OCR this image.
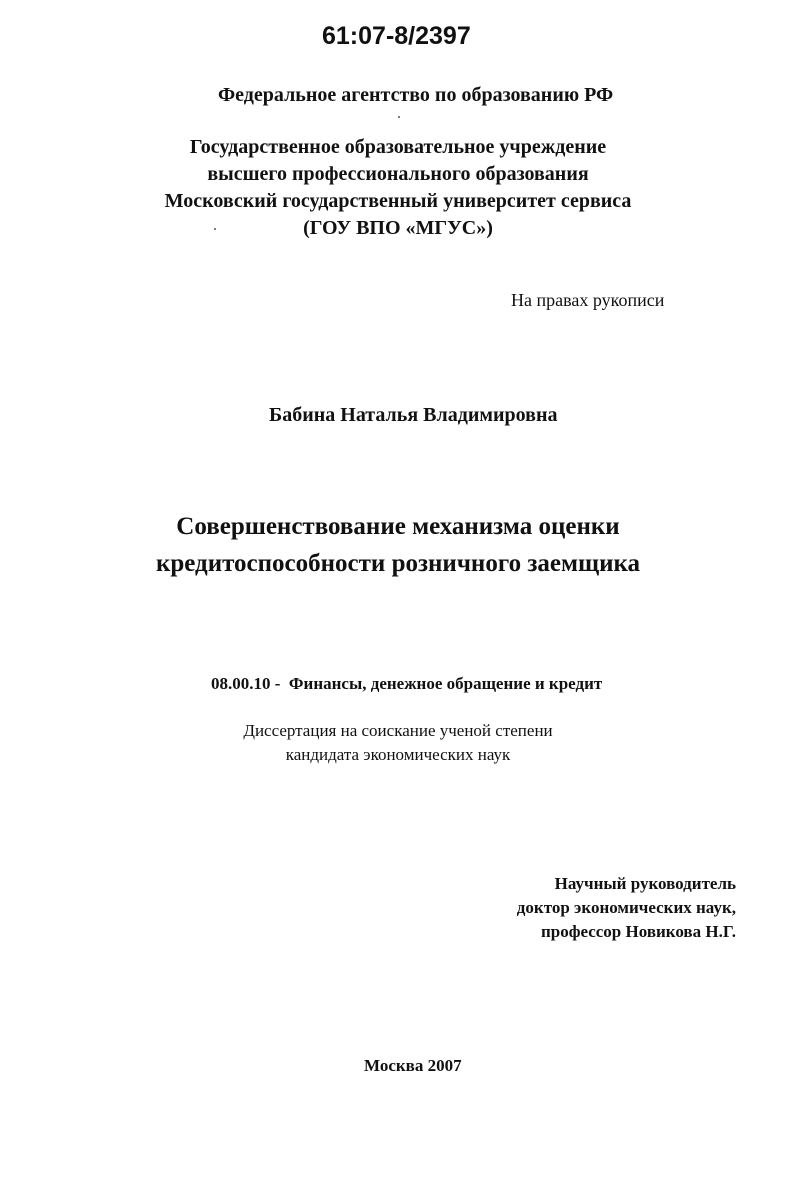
61:07-8/2397
Федеральное агентство по образованию РФ
Государственное образовательное учреждение
высшего профессионального образования
Московский государственный университет сервиса
(ГОУ ВПО «МГУС»)
На правах рукописи
Бабина Наталья Владимировна
Совершенствование механизма оценки
кредитоспособности розничного заемщика
08.00.10 - Финансы, денежное обращение и кредит
Диссертация на соискание ученой степени
кандидата экономических наук
Научный руководитель
доктор экономических наук,
профессор Новикова Н.Г.
Москва 2007
